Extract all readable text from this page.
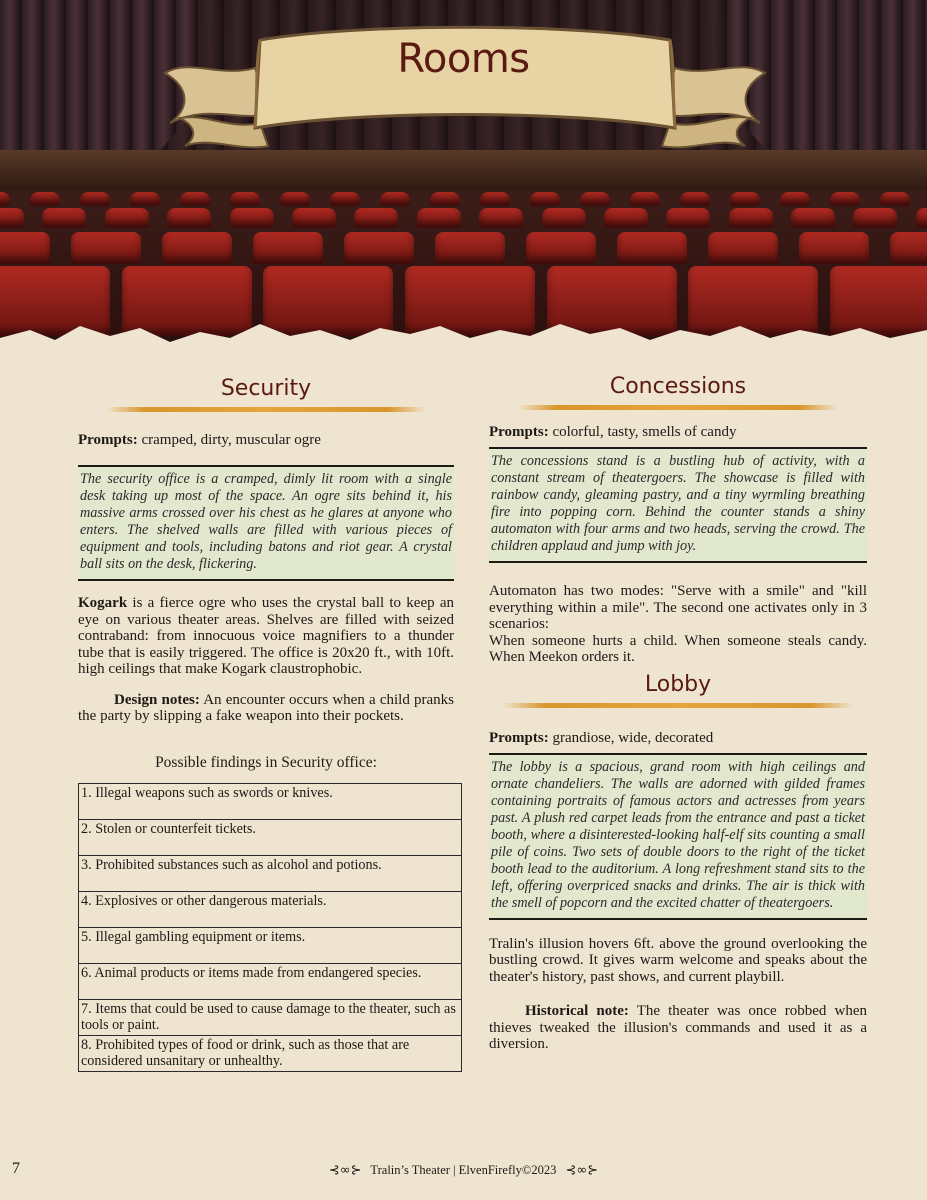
Rooms
Security
Prompts: cramped, dirty, muscular ogre
The security office is a cramped, dimly lit room with a single desk taking up most of the space. An ogre sits behind it, his massive arms crossed over his chest as he glares at anyone who enters. The shelved walls are filled with various pieces of equipment and tools, including batons and riot gear. A crystal ball sits on the desk, flickering.
Kogark is a fierce ogre who uses the crystal ball to keep an eye on various theater areas. Shelves are filled with seized contraband: from innocuous voice magnifiers to a thunder tube that is easily triggered. The office is 20x20 ft., with 10ft. high ceilings that make Kogark claustrophobic.
Design notes: An encounter occurs when a child pranks the party by slipping a fake weapon into their pockets.
Possible findings in Security office:
1. Illegal weapons such as swords or knives.
2. Stolen or counterfeit tickets.
3. Prohibited substances such as alcohol and potions.
4. Explosives or other dangerous materials.
5. Illegal gambling equipment or items.
6. Animal products or items made from endangered species.
7. Items that could be used to cause damage to the theater, such as tools or paint.
8. Prohibited types of food or drink, such as those that are considered unsanitary or unhealthy.
Concessions
Prompts: colorful, tasty, smells of candy
The concessions stand is a bustling hub of activity, with a constant stream of theatergoers. The showcase is filled with rainbow candy, gleaming pastry, and a tiny wyrmling breathing fire into popping corn. Behind the counter stands a shiny automaton with four arms and two heads, serving the crowd. The children applaud and jump with joy.
Automaton has two modes: "Serve with a smile" and "kill everything within a mile". The second one activates only in 3 scenarios:
When someone hurts a child. When someone steals candy. When Meekon orders it.
Lobby
Prompts: grandiose, wide, decorated
The lobby is a spacious, grand room with high ceilings and ornate chandeliers. The walls are adorned with gilded frames containing portraits of famous actors and actresses from years past. A plush red carpet leads from the entrance and past a ticket booth, where a disinterested-looking half-elf sits counting a small pile of coins. Two sets of double doors to the right of the ticket booth lead to the auditorium. A long refreshment stand sits to the left, offering overpriced snacks and drinks. The air is thick with the smell of popcorn and the excited chatter of theatergoers.
Tralin's illusion hovers 6ft. above the ground overlooking the bustling crowd. It gives warm welcome and speaks about the theater's history, past shows, and current playbill.
Historical note: The theater was once robbed when thieves tweaked the illusion's commands and used it as a diversion.
7	⊰∞⊱ Tralin’s Theater | ElvenFirefly©2023 ⊰∞⊱
